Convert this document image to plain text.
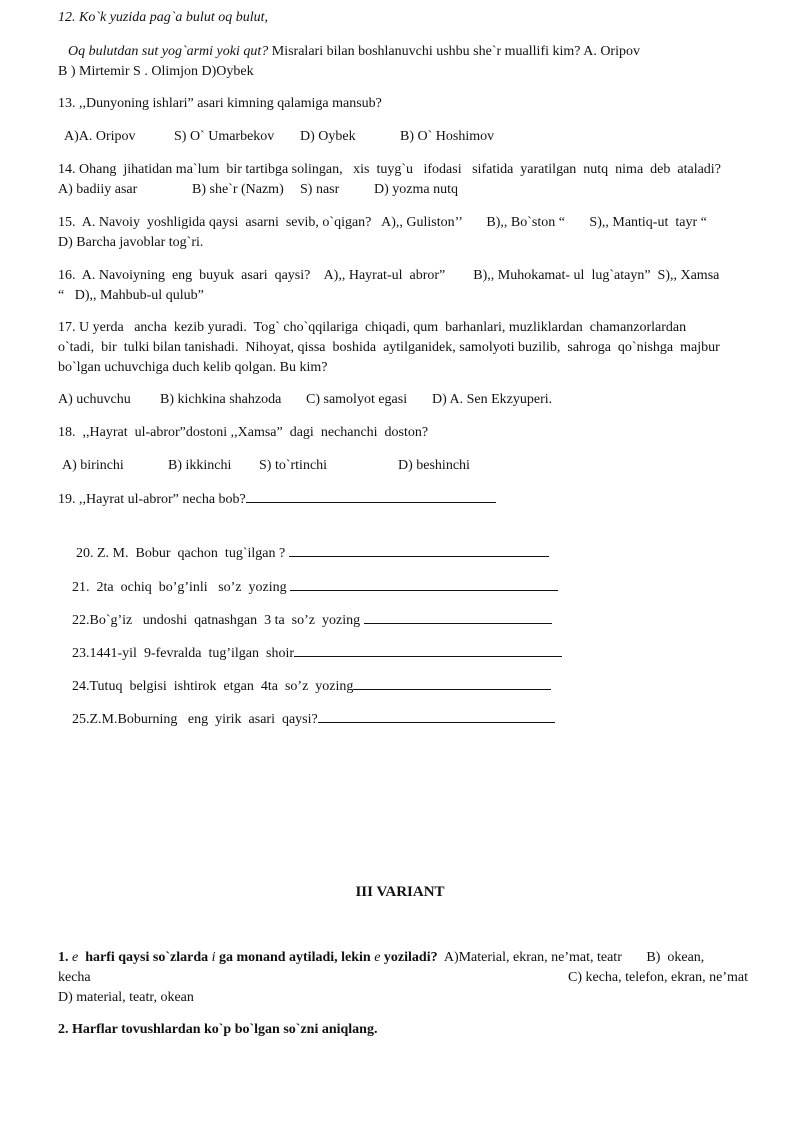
12. Ko`k yuzida pag`a bulut oq bulut,
Oq bulutdan sut yog`armi yoki qut? Misralari bilan boshlanuvchi ushbu she`r muallifi kim? A. Oripov
B ) Mirtemir S . Olimjon D)Oybek
13. ,,Dunyoning ishlari” asari kimning qalamiga mansub?
A)A. Oripov	S) O` Umarbekov D) Oybek	B) O` Hoshimov
14. Ohang  jihatidan ma`lum  bir tartibga solingan,   xis  tuyg`u   ifodasi   sifatida  yaratilgan  nutq  nima  deb  ataladi?
A) badiiy asar	B) she`r (Nazm) S) nasr D) yozma nutq
15.  A. Navoiy  yoshligida qaysi  asarni  sevib, o`qigan?   A),, Guliston’’       B),, Bo`ston “       S),, Mantiq-ut  tayr “
D) Barcha javoblar tog`ri.
16.  A. Navoiyning  eng  buyuk  asari  qaysi?    A),, Hayrat-ul  abror”        B),, Muhokamat- ul  lug`atayn”  S),, Xamsa
“   D),, Mahbub-ul qulub”
17. U yerda   ancha  kezib yuradi.  Tog` cho`qqilariga  chiqadi, qum  barhanlari, muzliklardan  chamanzorlardan
o`tadi,  bir  tulki bilan tanishadi.  Nihoyat, qissa  boshida  aytilganidek, samolyoti buzilib,  sahroga  qo`nishga  majbur
bo`lgan uchuvchiga duch kelib qolgan. Bu kim?
A) uchuvchu B) kichkina shahzoda C) samolyot egasi D) A. Sen Ekzyuperi.
18.  ,,Hayrat  ul-abror”dostoni ,,Xamsa”  dagi  nechanchi  doston?
A) birinchi	B) ikkinchi S) to`rtinchi	D) beshinchi
19. ,,Hayrat ul-abror” necha bob?

20. Z. M.  Bobur  qachon  tug`ilgan ?

21.  2ta  ochiq  bo’g’inli   so’z  yozing

22.Bo`g’iz   undoshi  qatnashgan  3 ta  so’z  yozing

23.1441-yil  9-fevralda  tug’ilgan  shoir

24.Tutuq  belgisi  ishtirok  etgan  4ta  so’z  yozing

25.Z.M.Boburning   eng  yirik  asari  qaysi?

III VARIANT
1. e harfi qaysi so`zlarda i ga monand aytiladi, lekin e yoziladi? A)Material, ekran, ne’mat, teatr B)  okean,
kecha	C) kecha, telefon, ekran, ne’mat
D) material, teatr, okean
2. Harflar tovushlardan ko`p bo`lgan so`zni aniqlang.
